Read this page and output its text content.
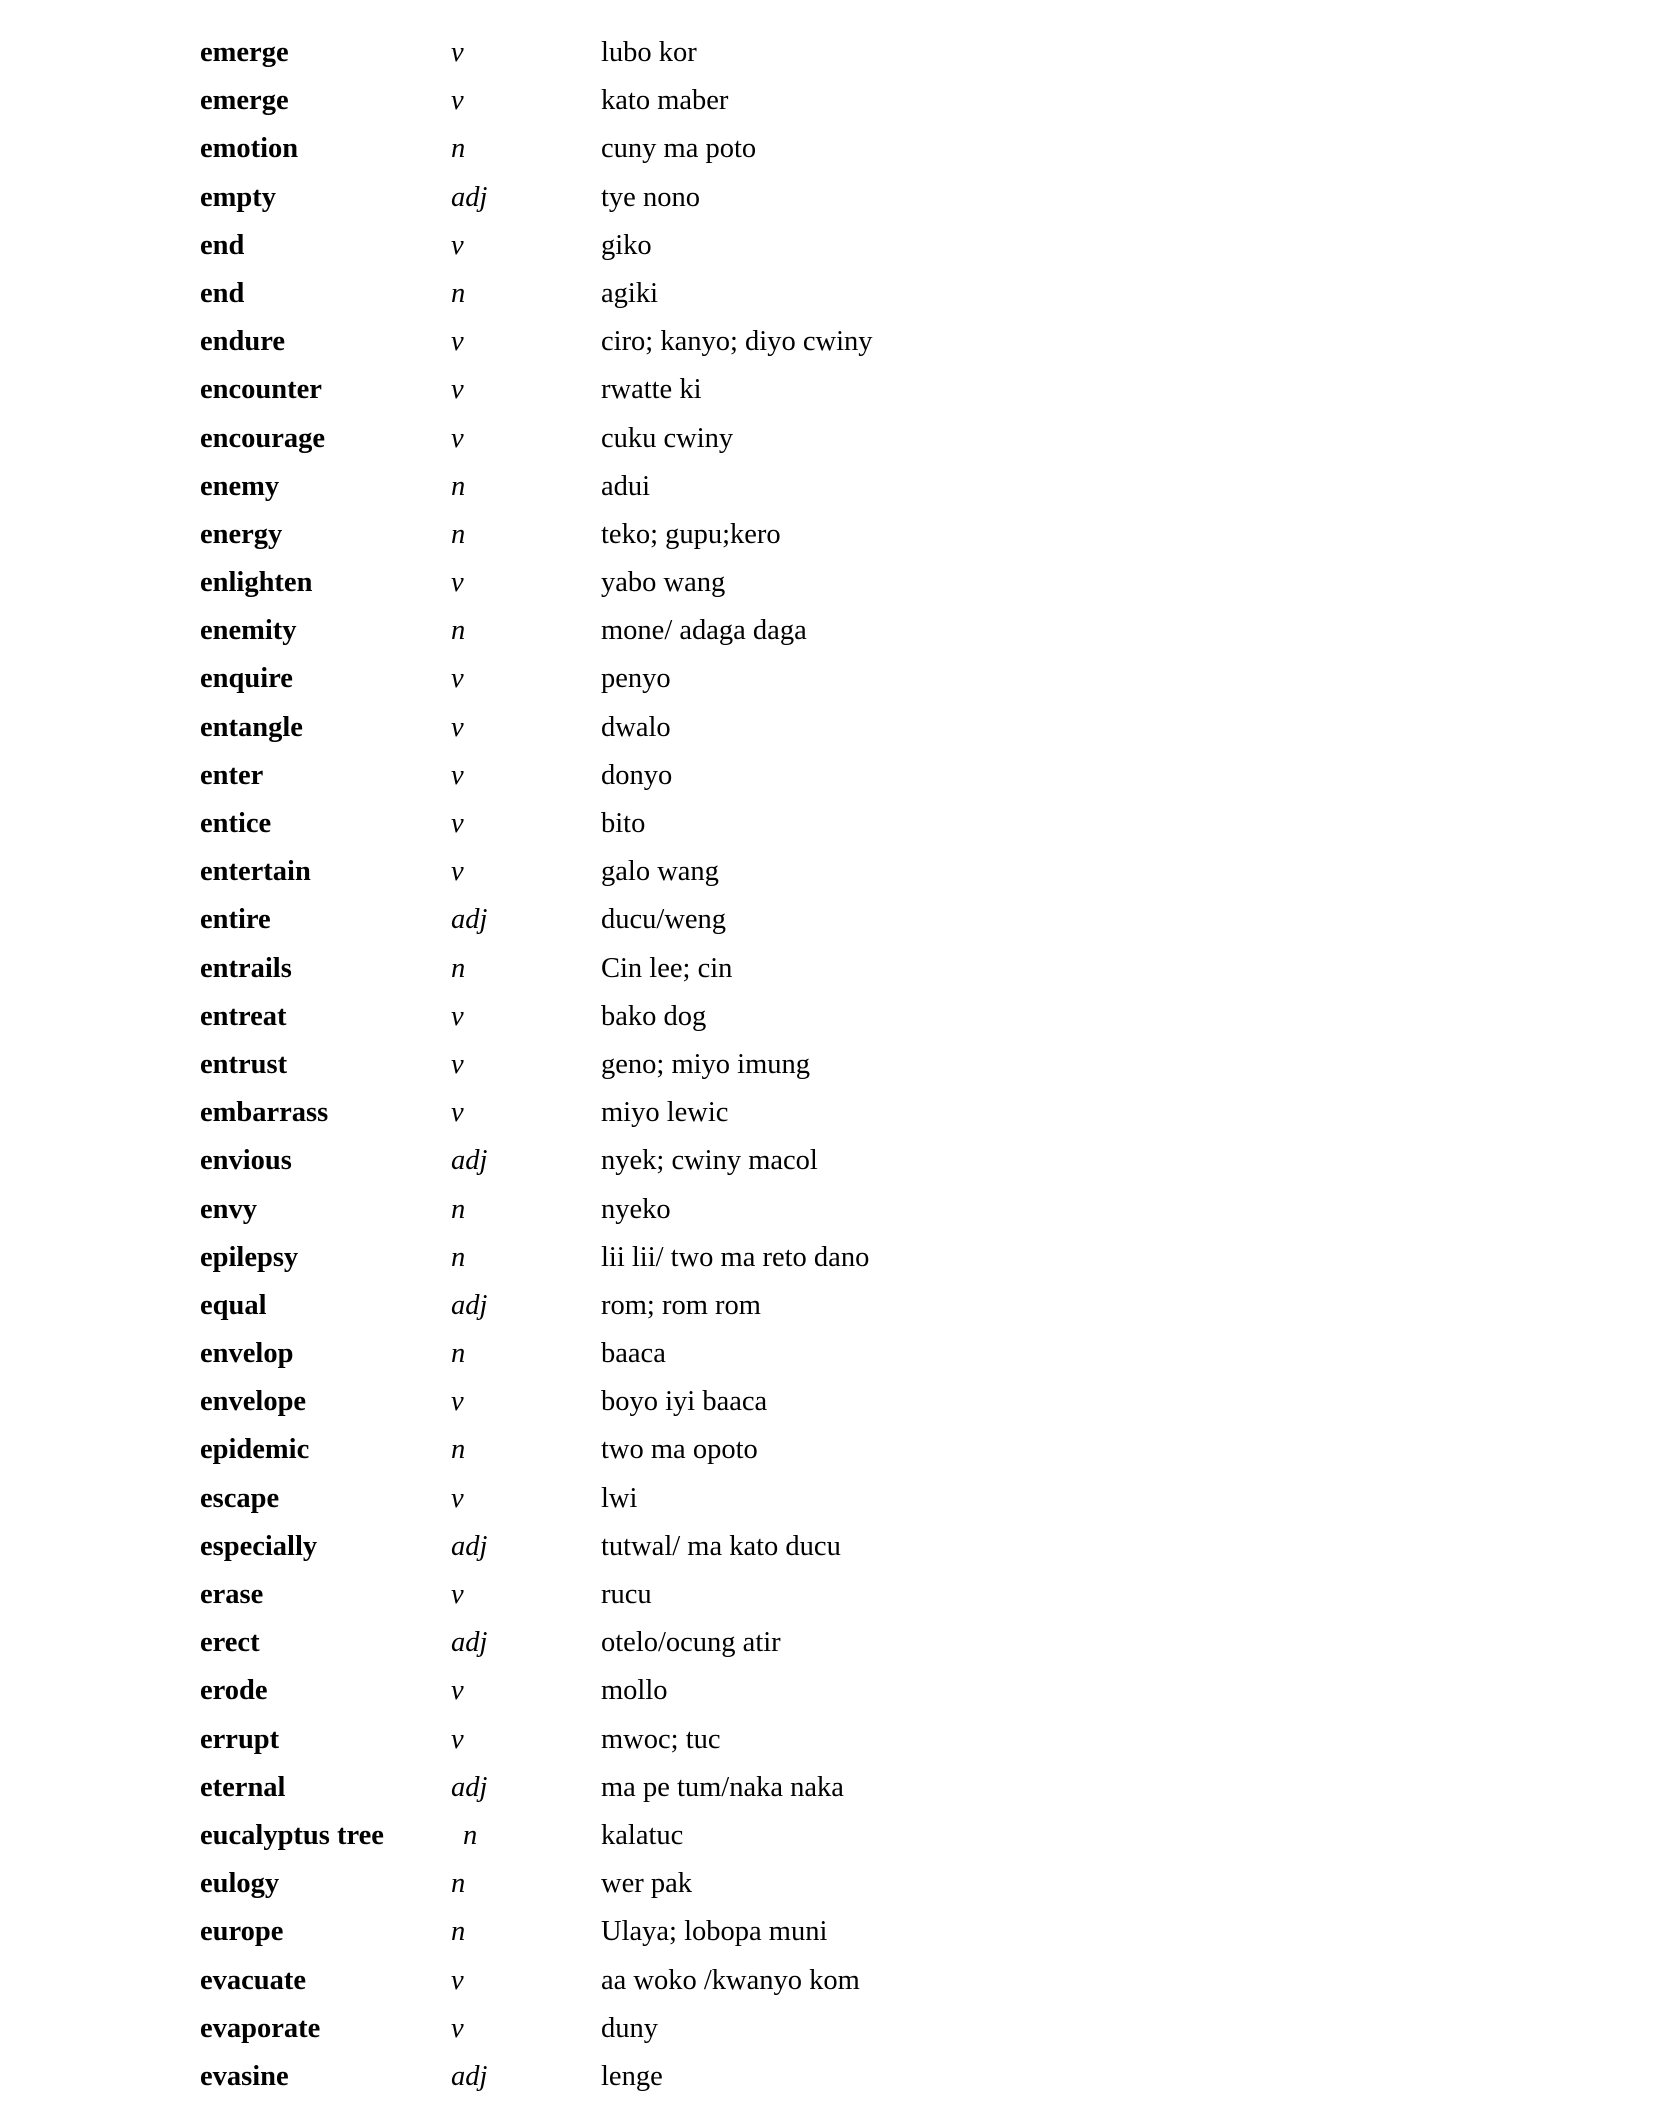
emerge	v	lubo kor
emerge	v	kato maber
emotion	n	cuny ma poto
empty	adj	tye nono
end	v	giko
end	n	agiki
endure	v	ciro; kanyo; diyo cwiny
encounter	v	rwatte ki
encourage	v	cuku cwiny
enemy	n	adui
energy	n	teko; gupu;kero
enlighten	v	yabo wang
enemity	n	mone/ adaga daga
enquire	v	penyo
entangle	v	dwalo
enter	v	donyo
entice	v	bito
entertain	v	galo wang
entire	adj	ducu/weng
entrails	n	Cin lee; cin
entreat	v	bako dog
entrust	v	geno; miyo imung
embarrass	v	miyo lewic
envious	adj	nyek; cwiny macol
envy	n	nyeko
epilepsy	n	lii lii/ two ma reto dano
equal	adj	rom; rom rom
envelop	n	baaca
envelope	v	boyo iyi baaca
epidemic	n	two ma opoto
escape	v	lwi
especially	adj	tutwal/ ma kato ducu
erase	v	rucu
erect	adj	otelo/ocung atir
erode	v	mollo
errupt	v	mwoc; tuc
eternal	adj	ma pe tum/naka naka
eucalyptus tree	n	kalatuc
eulogy	n	wer pak
europe	n	Ulaya; lobopa muni
evacuate	v	aa woko /kwanyo kom
evaporate	v	duny
evasine	adj	lenge
